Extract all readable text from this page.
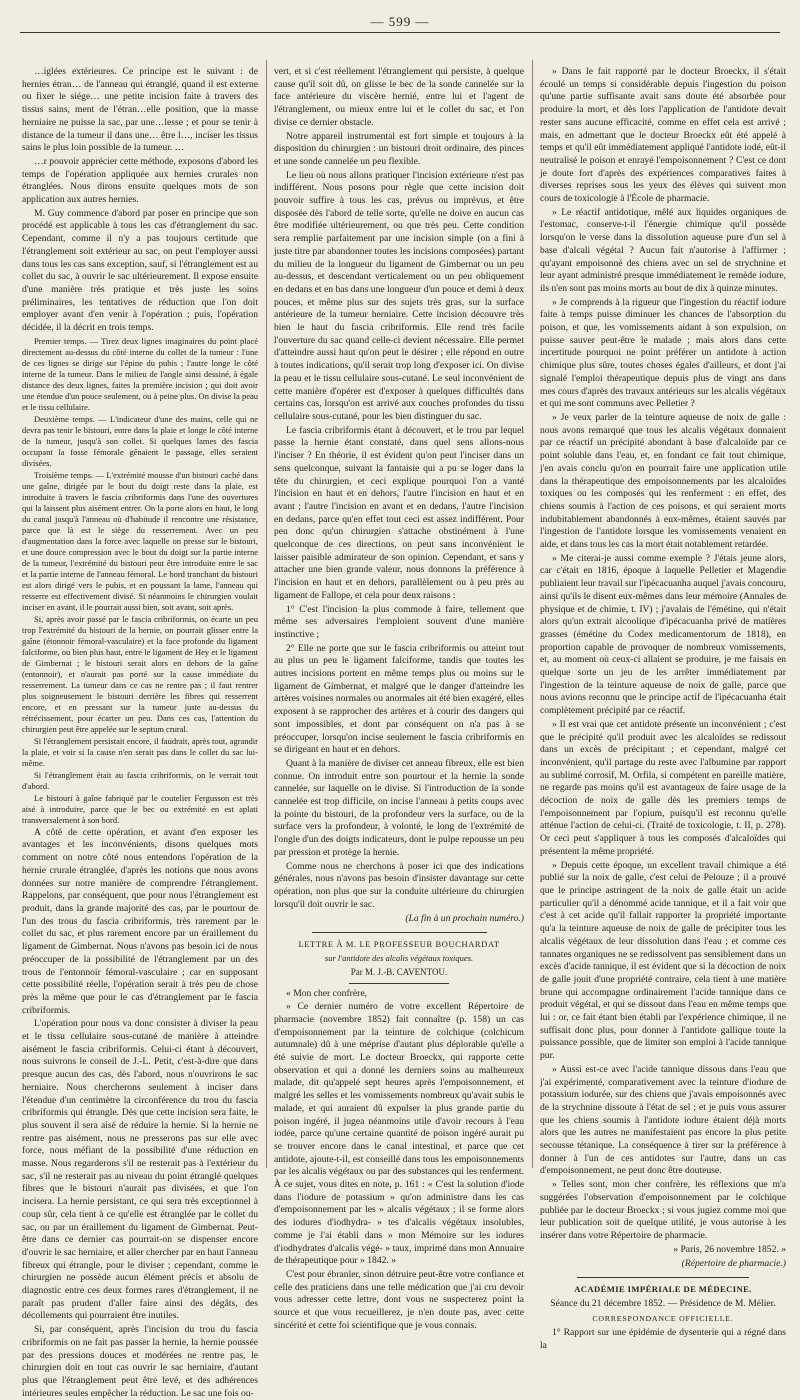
— 599 —

…iglées extérieures. Ce principe est le suivant : de hernies étran… de l'anneau qui étranglé, quand il est externe ou fixer le siége… une petite incision faite à travers des tissus sains, ment de l'étran…elle position, que la masse herniaire ne puisse la sac, par une…lesse ; et pour se tenir à distance de la tumeur il dans une… être l…, inciser les tissus sains le plus loin possible de la tumeur. …

…r pouvoir apprécier cette méthode, exposons d'abord les temps de l'opération appliquée aux hernies crurales non étranglées. Nous dirons ensuite quelques mots de son application aux autres hernies.

M. Guy commence d'abord par poser en principe que son procédé est applicable à tous les cas d'étranglement du sac. Cependant, comme il n'y a pas toujours certitude que l'étranglement soit extérieur au sac, on peut l'employer aussi dans tous les cas sans exception, sauf, si l'étranglement est au collet du sac, à ouvrir le sac ultérieurement. Il expose ensuite d'une manière très pratique et très juste les soins préliminaires, les tentatives de réduction que l'on doit employer avant d'en venir à l'opération ; puis, l'opération décidée, il la décrit en trois temps.

Premier temps. — Tirez deux lignes imaginaires du point placé directement au-dessus du côté interne du collet de la tumeur : l'une de ces lignes se dirige sur l'épine du pubis ; l'autre longe le côté interne de la tumeur. Dans le milieu de l'angle ainsi dessiné, à égale distance des deux lignes, faites la première incision ; qui doit avoir une étendue d'un pouce seulement, ou à peine plus. On divise la peau et le tissu cellulaire.

Deuxième temps. — L'indicateur d'une des mains, celle qui ne devra pas tenir le bistouri, entre dans la plaie et longe le côté interne de la tumeur, jusqu'à son collet. Si quelques lames des fascia occupant la fosse fémorale gênaient le passage, elles seraient divisées.

Troisième temps. — L'extrémité mousse d'un bistouri caché dans une gaîne, dirigée par le bout du doigt reste dans la plaie, est introduite à travers le fascia cribriformis dans l'une des ouvertures qui la laissent plus aisément entrer. On la porte alors en haut, le long du canal jusqu'à l'anneau où d'habitude il rencontre une résistance, parce que là est le siège du resserrement. Avec un peu d'augmentation dans la force avec laquelle on presse sur le bistouri, et une douce compression avec le bout du doigt sur la partie interne de la tumeur, l'extrémité du bistouri peut être introduite entre le sac et la partie interne de l'anneau fémoral. Le bord tranchant du bistouri est alors dirigé vers le pubis, et en poussant la lame, l'anneau qui resserre est effectivement divisé. Si néanmoins le chirurgien voulait inciser en avant, il le pourrait aussi bien, soit avant, soit après.

Si, après avoir passé par le fascia cribriformis, on écarte un peu trop l'extrémité du bistouri de la hernie, on pourrait glisser entre la gaîne (étonnoir fémoral-vasculaire) et la face profonde du ligament falciforme, ou bien plus haut, entre le ligament de Hey et le ligament de Gimbernat ; le bistouri serait alors en dehors de la gaîne (entonnoir), et n'aurait pas porté sur la cause immédiate du resserrement. La tumeur dans ce cas ne rentre pas ; il faut rentrer plus soigneusement le bistouri derrière les fibres qui resserrent encore, et en pressant sur la tumeur juste au-dessus du rétrécissement, pour écarter un peu. Dans ces cas, l'attention du chirurgien peut être appelée sur le septum crural.

Si l'étranglement persistait encore, il faudrait, après tout, agrandir la plaie, et voir si la cause n'en serait pas dans le collet du sac lui-même.

Si l'étranglement était au fascia cribriformis, on le verrait tout d'abord.

Le bistouri à gaîne fabriqué par le coutelier Fergusson est très aisé à introduire, parce que le bec ou extrémité en est aplati transversalement à son bord.

A côté de cette opération, et avant d'en exposer les avantages et les inconvénients, disons quelques mots comment on notre côté nous entendons l'opération de la hernie crurale étranglée, d'après les notions que nous avons données sur notre manière de comprendre l'étranglement. Rappelons, par conséquent, que pour nous l'étranglement est produit, dans la grande majorité des cas, par le pourtour de l'un des trous du fascia cribriformis, très rarement par le collet du sac, et plus rarement encore par un éraillement du ligament de Gimbernat. Nous n'avons pas besoin ici de nous préoccuper de la possibilité de l'étranglement par un des trous de l'entonnoir fémoral-vasculaire ; car en supposant cette possibilité réelle, l'opération serait à très peu de chose près la même que pour le cas d'étranglement par le fascia cribriformis.

L'opération pour nous va donc consister à diviser la peau et le tissu cellulaire sous-cutané de manière à atteindre aisément le fascia cribriformis. Celui-ci étant à découvert, nous suivrons le conseil de J.-L. Petit, c'est-à-dire que dans presque aucun des cas, dès l'abord, nous n'ouvrirons le sac herniaire. Nous chercherons seulement à inciser dans l'étendue d'un centimètre la circonférence du trou du fascia cribriformis qui étrangle. Dès que cette incision sera faite, le plus souvent il sera aisé de réduire la hernie. Si la hernie ne rentre pas aisément, nous ne presserons pas sur elle avec force, nous méfiant de la possibilité d'une réduction en masse. Nous regarderons s'il ne resterait pas à l'extérieur du sac, s'il ne resterait pas au niveau du point étranglé quelques fibres que le bistouri n'aurait pas divisées, et que l'on incisera. La hernie persistant, ce qui sera très exceptionnel à coup sûr, cela tient à ce qu'elle est étranglée par le collet du sac, ou par un éraillement du ligament de Gimbernat. Peut-être dans ce dernier cas pourrait-on se dispenser encore d'ouvrir le sac herniaire, et aller chercher par en haut l'anneau fibreux qui étrangle, pour le diviser ; cependant, comme le chirurgien ne possède aucun élément précis et absolu de diagnostic entre ces deux formes rares d'étranglement, il ne paraît pas prudent d'aller faire ainsi des dégâts, des décollements qui pourraient être inutiles.

Si, par conséquent, après l'incision du trou du fascia cribriformis on ne fait pas passer la hernie, la hernie poussée par des pressions douces et modérées ne rentre pas, le chirurgien doit en tout cas ouvrir le sac herniaire, d'autant plus que l'étranglement peut être levé, et des adhérences intérieures seules empêcher la réduction. Le sac une fois ou-

vert, et si c'est réellement l'étranglement qui persiste, à quelque cause qu'il soit dû, on glisse le bec de la sonde cannelée sur la face antérieure du viscère hernié, entre lui et l'agent de l'étranglement, ou mieux entre lui et le collet du sac, et l'on divise ce dernier obstacle.

Notre appareil instrumental est fort simple et toujours à la disposition du chirurgien : un bistouri droit ordinaire, des pinces et une sonde cannelée un peu flexible.

Le lieu où nous allons pratiquer l'incision extérieure n'est pas indifférent. Nous posons pour règle que cette incision doit pouvoir suffire à tous les cas, prévus ou imprévus, et être disposée dès l'abord de telle sorte, qu'elle ne doive en aucun cas être modifiée ultérieurement, ou que très peu. Cette condition sera remplie parfaitement par une incision simple (on a fini à juste titre par abandonner toutes les incisions composées) partant du milieu de la longueur du ligament de Gimbernat ou un peu au-dessus, et descendant verticalement ou un peu obliquement en dedans et en bas dans une longueur d'un pouce et demi à deux pouces, et même plus sur des sujets très gras, sur la surface antérieure de la tumeur herniaire. Cette incision découvre très bien le haut du fascia cribriformis. Elle rend très facile l'ouverture du sac quand celle-ci devient nécessaire. Elle permet d'atteindre aussi haut qu'on peut le désirer ; elle répond en outre à toutes indications, qu'il serait trop long d'exposer ici. On divise la peau et le tissu cellulaire sous-cutané. Le seul inconvénient de cette manière d'opérer est d'exposer à quelques difficultés dans certains cas, lorsqu'on est arrivé aux couches profondes du tissu cellulaire sous-cutané, pour les bien distinguer du sac.

Le fascia cribriformis étant à découvert, et le trou par lequel passe la hernie étant constaté, dans quel sens allons-nous l'inciser ? En théorie, il est évident qu'on peut l'inciser dans un sens quelconque, suivant la fantaisie qui a pu se loger dans la tête du chirurgien, et ceci explique pourquoi l'on a vanté l'incision en haut et en dehors, l'autre l'incision en haut et en avant ; l'autre l'incision en avant et en dedans, l'autre l'incision en dedans, parce qu'en effet tout ceci est assez indifférent. Pour peu donc qu'un chirurgien s'attache obstinément à l'une quelconque de ces directions, on peut sans inconvénient le laisser paisible admirateur de son opinion. Cependant, et sans y attacher une bien grande valeur, nous donnons la préférence à l'incision en haut et en dehors, parallèlement ou à peu près au ligament de Fallope, et cela pour deux raisons :

1° C'est l'incision la plus commode à faire, tellement que même ses adversaires l'emploient souvent d'une manière instinctive ;

2° Elle ne porte que sur le fascia cribriformis ou atteint tout au plus un peu le ligament falciforme, tandis que toutes les autres incisions portent en même temps plus ou moins sur le ligament de Gimbernat, et malgré que le danger d'atteindre les artères voisines normales ou anormales ait été bien exagéré, elles exposent à se rapprocher des artères et à courir des dangers qui sont impossibles, et dont par conséquent on n'a pas à se préoccuper, lorsqu'on incise seulement le fascia cribriformis en se dirigeant en haut et en dehors.

Quant à la manière de diviser cet anneau fibreux, elle est bien connue. On introduit entre son pourtour et la hernie la sonde cannelée, sur laquelle on le divise. Si l'introduction de la sonde cannelée est trop difficile, on incise l'anneau à petits coups avec la pointe du bistouri, de la profondeur vers la surface, ou de la surface vers la profondeur, à volonté, le long de l'extrémité de l'ongle d'un des doigts indicateurs, dont le pulpe repousse un peu par pression et protège la hernie.

Comme nous ne cherchons à poser ici que des indications générales, nous n'avons pas besoin d'insister davantage sur cette opération, non plus que sur la conduite ultérieure du chirurgien lorsqu'il doit ouvrir le sac.

(La fin à un prochain numéro.)

LETTRE À M. LE PROFESSEUR BOUCHARDAT

sur l'antidote des alcalis végétaux toxiques.

Par M. J.-B. CAVENTOU.

« Mon cher confrère,

» Ce dernier numéro de votre excellent Répertoire de pharmacie (novembre 1852) fait connaître (p. 158) un cas d'empoisonnement par la teinture de colchique (colchicum autumnale) dû à une méprise d'autant plus déplorable qu'elle a été suivie de mort. Le docteur Broeckx, qui rapporte cette observation et qui a donné les derniers soins au malheureux malade, dit qu'appelé sept heures après l'empoisonnement, et malgré les selles et les vomissements nombreux qu'avait subis le malade, et qui auraient dû expulser la plus grande partie du poison ingéré, il jugea néanmoins utile d'avoir recours à l'eau iodée, parce qu'une certaine quantité de poison ingéré aurait pu se trouver encore dans le canal intestinal, et parce que cet antidote, ajoute-t-il, est conseillé dans tous les empoisonnements par les alcalis végétaux ou par des substances qui les renferment. À ce sujet, vous dites en note, p. 161 : « C'est la solution d'iode dans l'iodure de potassium » qu'on administre dans les cas d'empoisonnement par les » alcalis végétaux ; il se forme alors des iodures d'iodhydra- » tes d'alcalis végétaux insolubles, comme je l'ai établi dans » mon Mémoire sur les iodures d'iodhydrates d'alcalis végé- » taux, imprimé dans mon Annuaire de thérapeutique pour » 1842. »

C'est pour ébranler, sinon détruire peut-être votre confiance et celle des praticiens dans une telle médication que j'ai cru devoir vous adresser cette lettre, dont vous ne suspecterez point la source et que vous recueillerez, je n'en doute pas, avec cette sincérité et cette foi scientifique que je vous connais.

» Dans le fait rapporté par le docteur Broeckx, il s'était écoulé un temps si considérable depuis l'ingestion du poison qu'une partie suffisante avait sans doute été absorbée pour produire la mort, et dès lors l'application de l'antidote devait rester sans aucune efficacité, comme en effet cela est arrivé ; mais, en admettant que le docteur Broeckx eût été appelé à temps et qu'il eût immédiatement appliqué l'antidote iodé, eût-il neutralisé le poison et enrayé l'empoisonnement ? C'est ce dont je doute fort d'après des expériences comparatives faites à diverses reprises sous les yeux des élèves qui suivent mon cours de toxicologie à l'École de pharmacie.

» Le réactif antidotique, mêlé aux liquides organiques de l'estomac, conserve-t-il l'énergie chimique qu'il possède lorsqu'on le verse dans la dissolution aqueuse pure d'un sel à base d'alcali végétal ? Aucun fait n'autorise à l'affirmer ; qu'ayant empoisonné des chiens avec un sel de strychnine et leur ayant administré presque immédiatement le remède iodure, ils n'en sont pas moins morts au bout de dix à quinze minutes.

» Je comprends à la rigueur que l'ingestion du réactif iodure faite à temps puisse diminuer les chances de l'absorption du poison, et que, les vomissements aidant à son expulsion, on puisse sauver peut-être le malade ; mais alors dans cette incertitude pourquoi ne point préférer un antidote à action chimique plus sûre, toutes choses égales d'ailleurs, et dont j'ai signalé l'emploi thérapeutique depuis plus de vingt ans dans mes cours d'après des travaux antérieurs sur les alcalis végétaux et qui me sont communs avec Pelletier ?

» Je veux parler de la teinture aqueuse de noix de galle : nous avons remarqué que tous les alcalis végétaux donnaient par ce réactif un précipité abondant à base d'alcaloïde par ce point soluble dans l'eau, et, en fondant ce fait tout chimique, j'en avais conclu qu'on en pourrait faire une application utile dans la thérapeutique des empoisonnements par les alcaloïdes toxiques ou les composés qui les renferment : en effet, des chiens soumis à l'action de ces poisons, et qui seraient morts indubitablement abandonnés à eux-mêmes, étaient sauvés par l'ingestion de l'antidote lorsque les vomissements venaient en aide, et dans tous les cas la mort était notablement retardée.

» Me citerai-je aussi comme exemple ? J'étais jeune alors, car c'était en 1816, époque à laquelle Pelletier et Magendie publiaient leur travail sur l'ipécacuanha auquel j'avais concouru, ainsi qu'ils le disent eux-mêmes dans leur mémoire (Annales de physique et de chimie, t. IV) ; j'avalais de l'émétine, qui n'était alors qu'un extrait alcoolique d'ipécacuanha privé de matières grasses (émétine du Codex medicamentorum de 1818), en proportion capable de provoquer de nombreux vomissements, et, au moment où ceux-ci allaient se produire, je me faisais en quelque sorte un jeu de les arrêter immédiatement par l'ingestion de la teinture aqueuse de noix de galle, parce que nous avions reconnu que le principe actif de l'ipécacuanha était complètement précipité par ce réactif.

» Il est vrai que cet antidote présente un inconvénient ; c'est que le précipité qu'il produit avec les alcaloïdes se redissout dans un excès de précipitant ; et cependant, malgré cet inconvénient, qu'il partage du reste avec l'albumine par rapport au sublimé corrosif, M. Orfila, si compétent en pareille matière, ne regarde pas moins qu'il est avantageux de faire usage de la décoction de noix de galle dès les premiers temps de l'empoisonnement par l'opium, puisqu'il est reconnu qu'elle atténue l'action de celui-ci. (Traité de toxicologie, t. II, p. 278). Or ceci peut s'appliquer à tous les composés d'alcaloïdes qui présentent la même propriété.

» Depuis cette époque, un excellent travail chimique a été publié sur la noix de galle, c'est celui de Pelouze ; il a prouvé que le principe astringent de la noix de galle était un acide particulier qu'il a dénommé acide tannique, et il a fait voir que c'est à cet acide qu'il fallait rapporter la propriété importante qu'a la teinture aqueuse de noix de galle de précipiter tous les alcalis végétaux de leur dissolution dans l'eau ; et comme ces tannates organiques ne se redissolvent pas sensiblement dans un excès d'acide tannique, il est évident que si la décoction de noix de galle jouit d'une propriété contraire, cela tient à une matière brune qui accompagne ordinairement l'acide tannique dans ce produit végétal, et qui se dissout dans l'eau en même temps que lui : or, ce fait étant bien établi par l'expérience chimique, il ne suffisait donc plus, pour donner à l'antidote gallique toute la puissance possible, que de limiter son emploi à l'acide tannique pur.

» Aussi est-ce avec l'acide tannique dissous dans l'eau que j'ai expérimenté, comparativement avec la teinture d'iodure de potassium iodurée, sur des chiens que j'avais empoisonnés avec de la strychnine dissoute à l'état de sel ; et je puis vous assurer que les chiens soumis à l'antidote iodure étaient déjà morts alors que les autres ne manifestaient pas encore la plus petite secousse tétanique. La conséquence à tirer sur la préférence à donner à l'un de ces antidotes sur l'autre, dans un cas d'empoisonnement, ne peut donc être douteuse.

» Telles sont, mon cher confrère, les réflexions que m'a suggérées l'observation d'empoisonnement par le colchique publiée par le docteur Broeckx ; si vous jugiez comme moi que leur publication soit de quelque utilité, je vous autorise à les insérer dans votre Répertoire de pharmacie.

» Paris, 26 novembre 1852. »

(Répertoire de pharmacie.)

ACADÉMIE IMPÉRIALE DE MÉDECINE.

Séance du 21 décembre 1852. — Présidence de M. Mélier.

CORRESPONDANCE OFFICIELLE.

1° Rapport sur une épidémie de dysenterie qui a régné dans la
